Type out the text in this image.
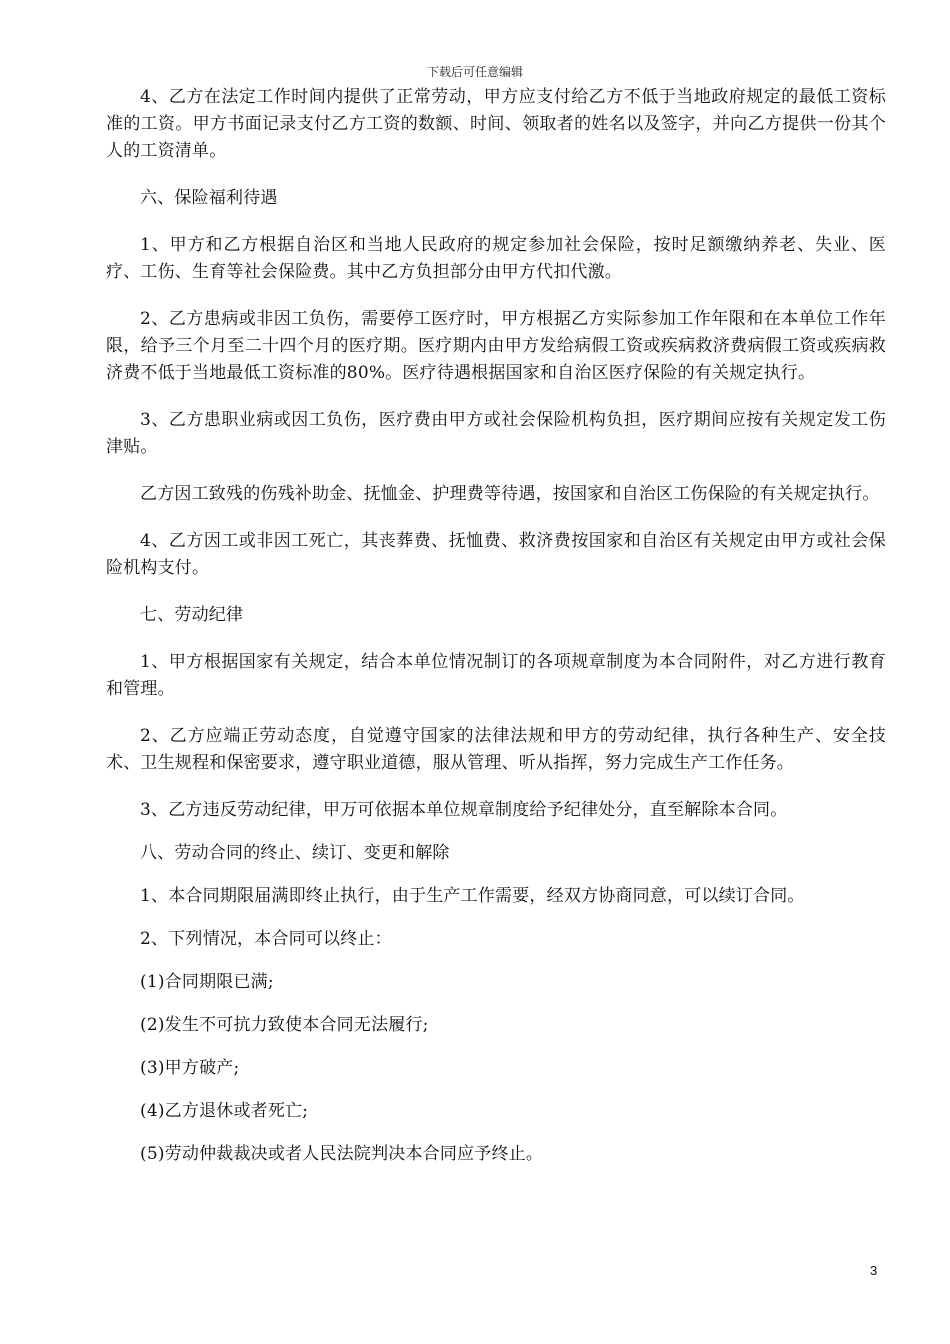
下载后可任意编辑

4、乙方在法定工作时间内提供了正常劳动，甲方应支付给乙方不低于当地政府规定的最低工资标准的工资。甲方书面记录支付乙方工资的数额、时间、领取者的姓名以及签字，并向乙方提供一份其个人的工资清单。

六、保险福利待遇

1、甲方和乙方根据自治区和当地人民政府的规定参加社会保险，按时足额缴纳养老、失业、医疗、工伤、生育等社会保险费。其中乙方负担部分由甲方代扣代激。

2、乙方患病或非因工负伤，需要停工医疗时，甲方根据乙方实际参加工作年限和在本单位工作年限，给予三个月至二十四个月的医疗期。医疗期内由甲方发给病假工资或疾病救济费病假工资或疾病救济费不低于当地最低工资标准的80%。医疗待遇根据国家和自治区医疗保险的有关规定执行。

3、乙方患职业病或因工负伤，医疗费由甲方或社会保险机构负担，医疗期间应按有关规定发工伤津贴。

乙方因工致残的伤残补助金、抚恤金、护理费等待遇，按国家和自治区工伤保险的有关规定执行。

4、乙方因工或非因工死亡，其丧葬费、抚恤费、救济费按国家和自治区有关规定由甲方或社会保险机构支付。

七、劳动纪律

1、甲方根据国家有关规定，结合本单位情况制订的各项规章制度为本合同附件，对乙方进行教育和管理。

2、乙方应端正劳动态度，自觉遵守国家的法律法规和甲方的劳动纪律，执行各种生产、安全技术、卫生规程和保密要求，遵守职业道德，服从管理、听从指挥，努力完成生产工作任务。

3、乙方违反劳动纪律，甲万可依据本单位规章制度给予纪律处分，直至解除本合同。

八、劳动合同的终止、续订、变更和解除

1、本合同期限届满即终止执行，由于生产工作需要，经双方协商同意，可以续订合同。

2、下列情况，本合同可以终止：

(1)合同期限已满;

(2)发生不可抗力致使本合同无法履行;

(3)甲方破产;

(4)乙方退休或者死亡;

(5)劳动仲裁裁决或者人民法院判决本合同应予终止。

3
